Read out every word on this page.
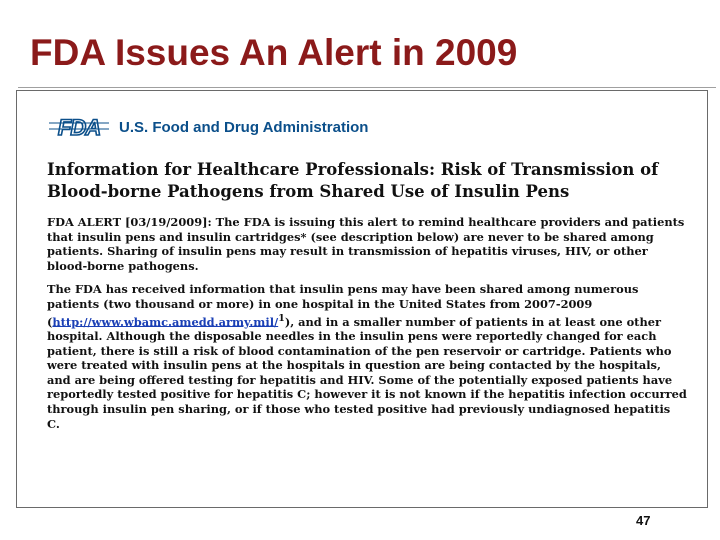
FDA Issues An Alert in 2009
FDA U.S. Food and Drug Administration
Information for Healthcare Professionals: Risk of Transmission of Blood-borne Pathogens from Shared Use of Insulin Pens

FDA ALERT [03/19/2009]: The FDA is issuing this alert to remind healthcare providers and patients that insulin pens and insulin cartridges* (see description below) are never to be shared among patients. Sharing of insulin pens may result in transmission of hepatitis viruses, HIV, or other blood-borne pathogens.

The FDA has received information that insulin pens may have been shared among numerous patients (two thousand or more) in one hospital in the United States from 2007-2009 (http://www.wbamc.amedd.army.mil/$^1$), and in a smaller number of patients in at least one other hospital. Although the disposable needles in the insulin pens were reportedly changed for each patient, there is still a risk of blood contamination of the pen reservoir or cartridge. Patients who were treated with insulin pens at the hospitals in question are being contacted by the hospitals, and are being offered testing for hepatitis and HIV. Some of the potentially exposed patients have reportedly tested positive for hepatitis C; however it is not known if the hepatitis infection occurred through insulin pen sharing, or if those who tested positive had previously undiagnosed hepatitis C.

47
